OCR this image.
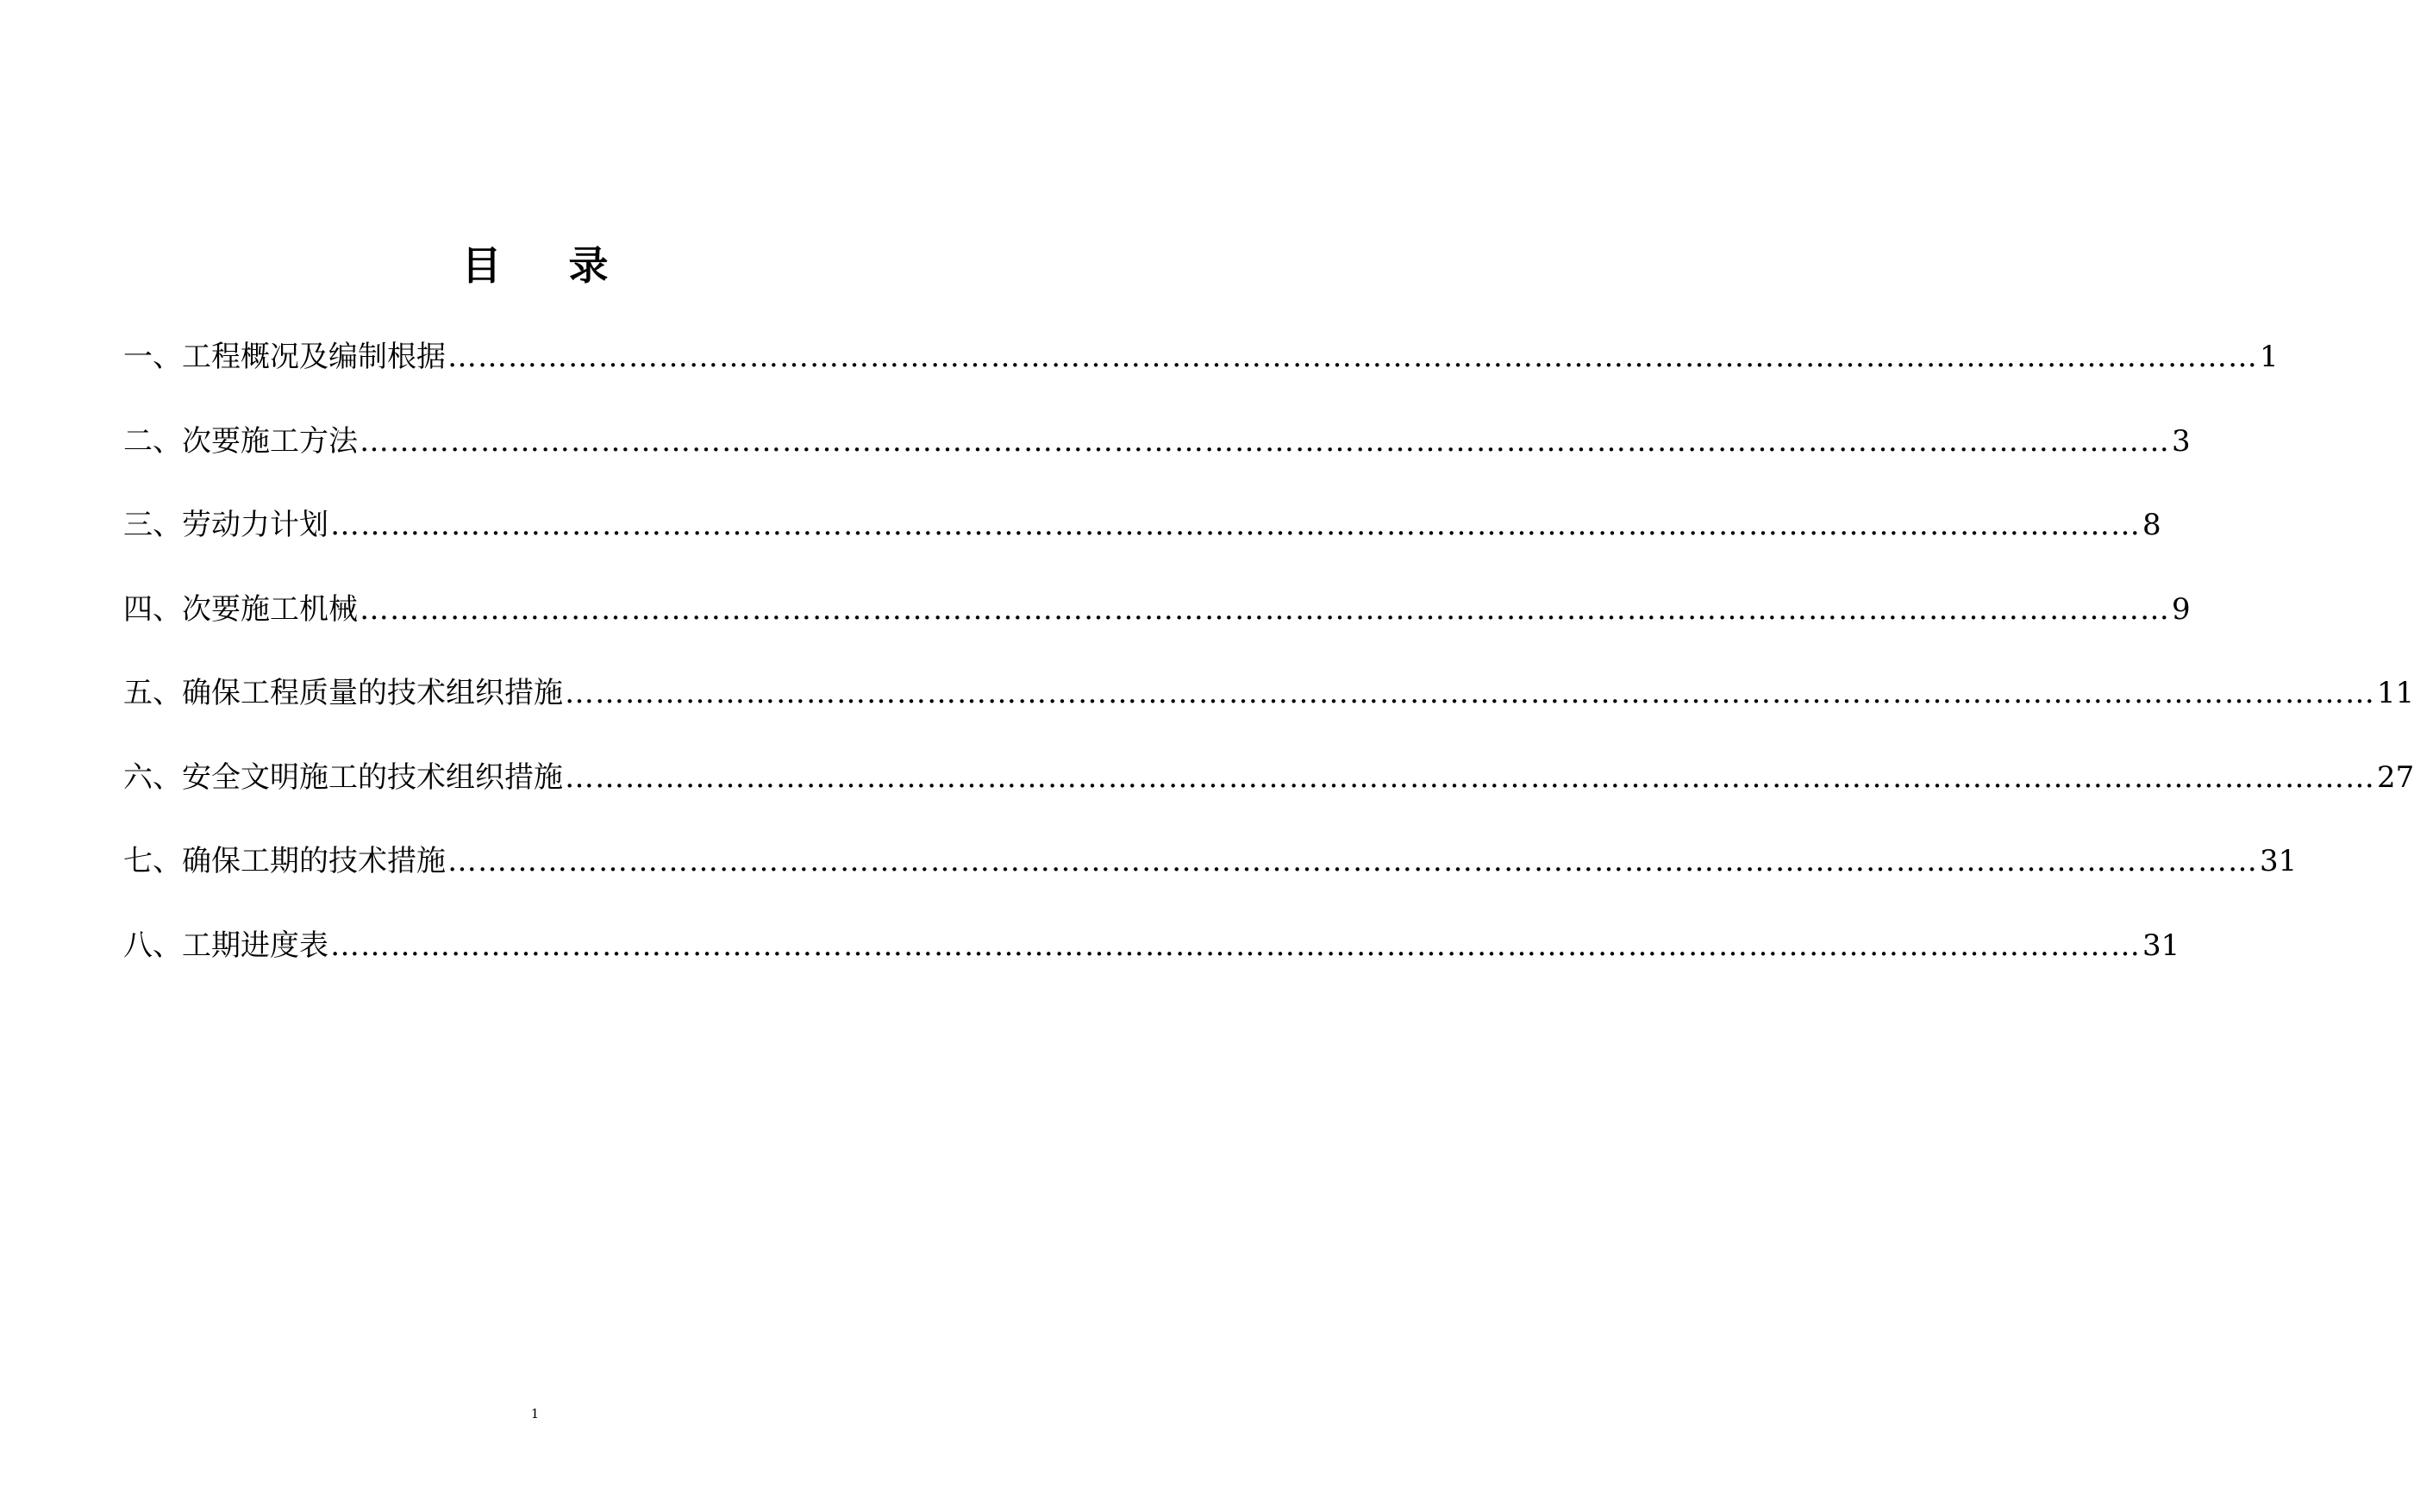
目录
一 、 工程概况及编制根据 ……………………………………………………………………………………………………………………………………………………………… 1
二 、 次要施工方法 ……………………………………………………………………………………………………………………………………………………………… 3
三 、 劳动力计划 ……………………………………………………………………………………………………………………………………………………………… 8
四 、 次要施工机械 ……………………………………………………………………………………………………………………………………………………………… 9
五 、 确保工程质量的技术组织措施 ……………………………………………………………………………………………………………………………………………………………… 11
六 、 安全文明施工的技术组织措施 ……………………………………………………………………………………………………………………………………………………………… 27
七 、 确保工期的技术措施 ……………………………………………………………………………………………………………………………………………………………… 31
八 、 工期进度表 ……………………………………………………………………………………………………………………………………………………………… 31
1
